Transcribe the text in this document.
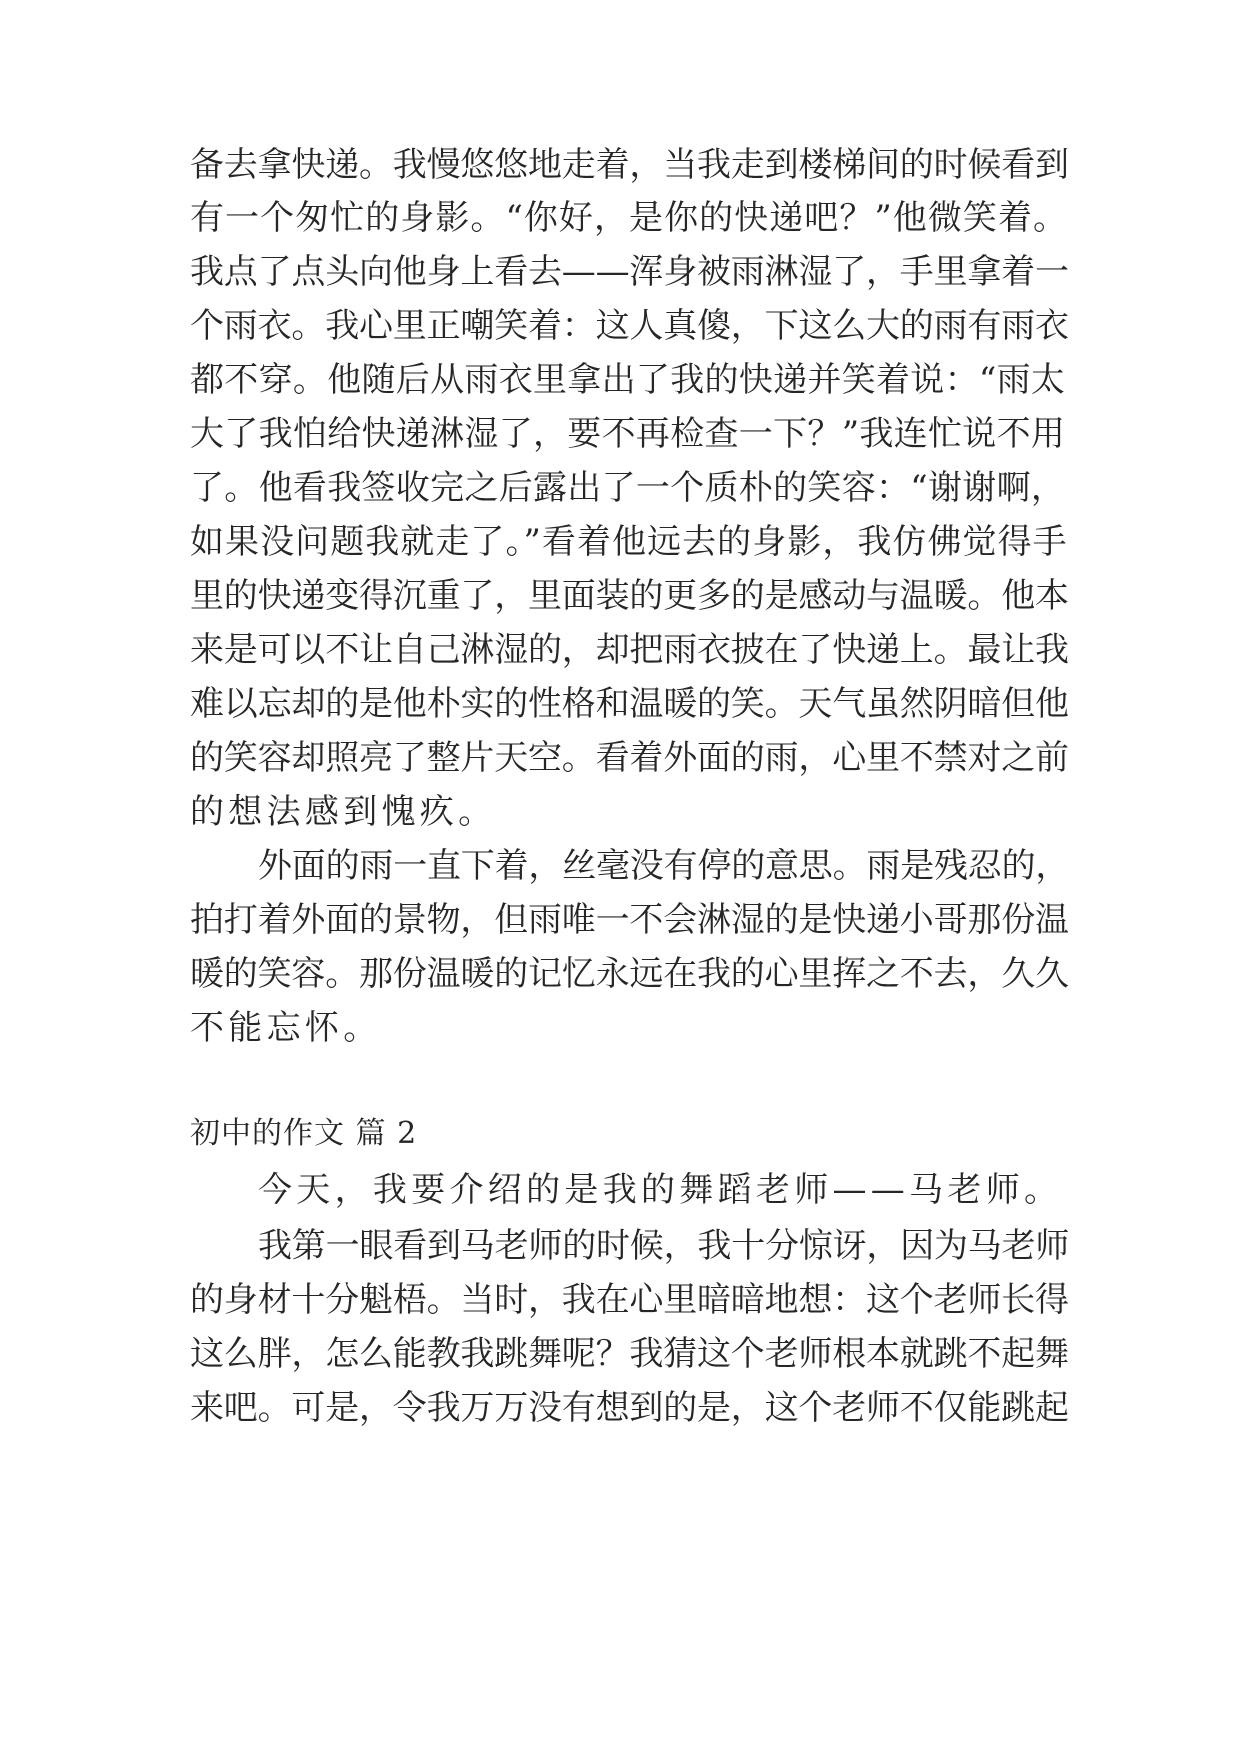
备去拿快递。我慢悠悠地走着，当我走到楼梯间的时候看到
有一个匆忙的身影。“你好，是你的快递吧？”他微笑着。
我点了点头向他身上看去——浑身被雨淋湿了，手里拿着一
个雨衣。我心里正嘲笑着：这人真傻，下这么大的雨有雨衣
都不穿。他随后从雨衣里拿出了我的快递并笑着说：“雨太
大了我怕给快递淋湿了，要不再检查一下？”我连忙说不用
了。他看我签收完之后露出了一个质朴的笑容：“谢谢啊，
如果没问题我就走了。”看着他远去的身影，我仿佛觉得手
里的快递变得沉重了，里面装的更多的是感动与温暖。他本
来是可以不让自己淋湿的，却把雨衣披在了快递上。最让我
难以忘却的是他朴实的性格和温暖的笑。天气虽然阴暗但他
的笑容却照亮了整片天空。看着外面的雨，心里不禁对之前
的想法感到愧疚。
外面的雨一直下着，丝毫没有停的意思。雨是残忍的，
拍打着外面的景物，但雨唯一不会淋湿的是快递小哥那份温
暖的笑容。那份温暖的记忆永远在我的心里挥之不去，久久
不能忘怀。
初中的作文 篇 2
今天，我要介绍的是我的舞蹈老师——马老师。
我第一眼看到马老师的时候，我十分惊讶，因为马老师
的身材十分魁梧。当时，我在心里暗暗地想：这个老师长得
这么胖，怎么能教我跳舞呢？我猜这个老师根本就跳不起舞
来吧。可是，令我万万没有想到的是，这个老师不仅能跳起
